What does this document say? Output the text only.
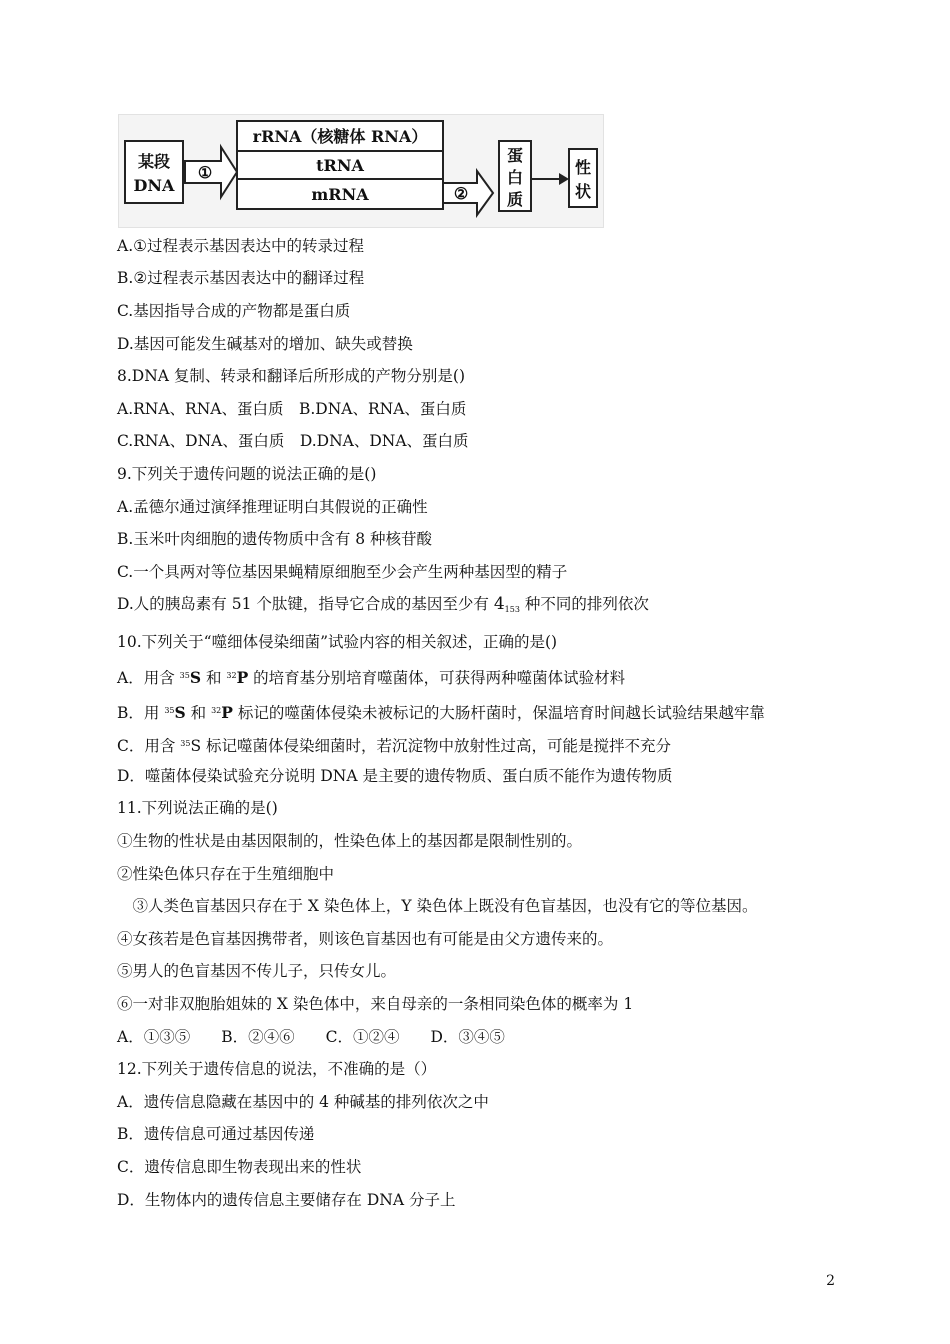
某段
DNA
①
rRNA（核糖体 RNA）
tRNA
mRNA	②
蛋
白
质
性
状
A.①过程表示基因表达中的转录过程
B.②过程表示基因表达中的翻译过程
C.基因指导合成的产物都是蛋白质
D.基因可能发生碱基对的增加、缺失或替换
8.DNA 复制、转录和翻译后所形成的产物分别是()
A.RNA、RNA、蛋白质　B.DNA、RNA、蛋白质
C.RNA、DNA、蛋白质　D.DNA、DNA、蛋白质
9.下列关于遗传问题的说法正确的是()
A.孟德尔通过演绎推理证明白其假说的正确性
B.玉米叶肉细胞的遗传物质中含有 8 种核苷酸
C.一个具两对等位基因果蝇精原细胞至少会产生两种基因型的精子
D.人的胰岛素有 51 个肽键，指导它合成的基因至少有 4153 种不同的排列依次
10.下列关于“噬细体侵染细菌”试验内容的相关叙述，正确的是()
A．用含 $^{35}$S 和 $^{32}$P 的培育基分别培育噬菌体，可获得两种噬菌体试验材料
B．用 $^{35}$S 和 $^{32}$P 标记的噬菌体侵染未被标记的大肠杆菌时，保温培育时间越长试验结果越牢靠
C．用含 $^{35}$S 标记噬菌体侵染细菌时，若沉淀物中放射性过高，可能是搅拌不充分
D．噬菌体侵染试验充分说明 DNA 是主要的遗传物质、蛋白质不能作为遗传物质
11.下列说法正确的是()
①生物的性状是由基因限制的，性染色体上的基因都是限制性别的。
②性染色体只存在于生殖细胞中
　③人类色盲基因只存在于 X 染色体上，Y 染色体上既没有色盲基因，也没有它的等位基因。
④女孩若是色盲基因携带者，则该色盲基因也有可能是由父方遗传来的。
⑤男人的色盲基因不传儿子，只传女儿。
⑥一对非双胞胎姐妹的 X 染色体中，来自母亲的一条相同染色体的概率为 1
A．①③⑤　　B．②④⑥　　C．①②④　　D．③④⑤
12.下列关于遗传信息的说法，不准确的是（）
A．遗传信息隐藏在基因中的 4 种碱基的排列依次之中
B．遗传信息可通过基因传递
C．遗传信息即生物表现出来的性状
D．生物体内的遗传信息主要储存在 DNA 分子上
2
